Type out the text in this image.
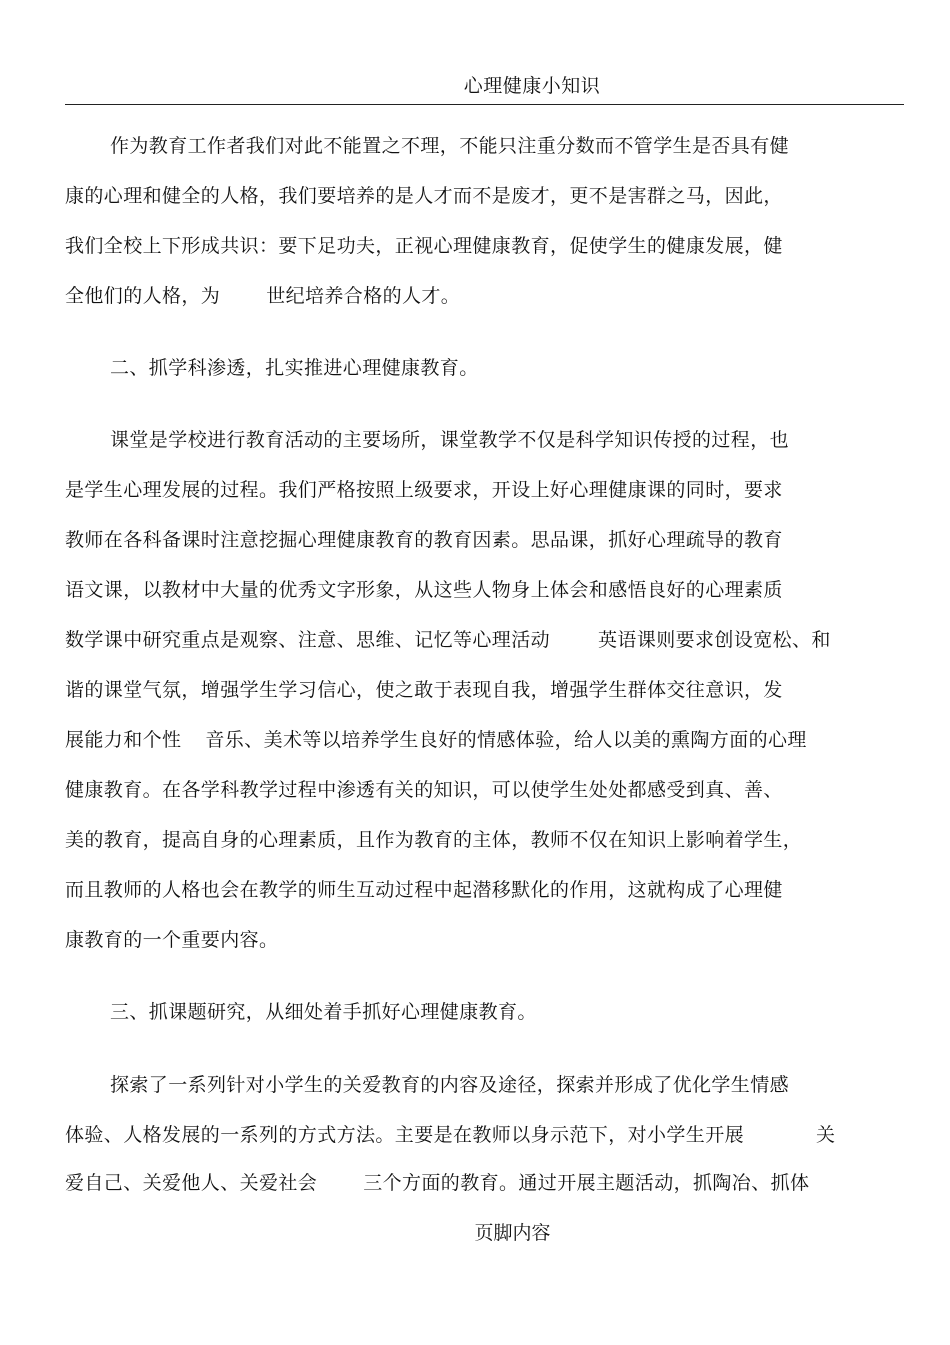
心理健康小知识
作为教育工作者我们对此不能置之不理，不能只注重分数而不管学生是否具有健
康的心理和健全的人格，我们要培养的是人才而不是废才，更不是害群之马，因此，
我们全校上下形成共识：要下足功夫，正视心理健康教育，促使学生的健康发展，健
全他们的人格，为 世纪培养合格的人才。
二、抓学科渗透，扎实推进心理健康教育。
课堂是学校进行教育活动的主要场所，课堂教学不仅是科学知识传授的过程，也
是学生心理发展的过程。我们严格按照上级要求，开设上好心理健康课的同时，要求
教师在各科备课时注意挖掘心理健康教育的教育因素。思品课，抓好心理疏导的教育
语文课，以教材中大量的优秀文字形象，从这些人物身上体会和感悟良好的心理素质
数学课中研究重点是观察、注意、思维、记忆等心理活动	英语课则要求创设宽松、和
谐的课堂气氛，增强学生学习信心，使之敢于表现自我，增强学生群体交往意识，发
展能力和个性 音乐、美术等以培养学生良好的情感体验，给人以美的熏陶方面的心理
健康教育。在各学科教学过程中渗透有关的知识，可以使学生处处都感受到真、善、
美的教育，提高自身的心理素质，且作为教育的主体，教师不仅在知识上影响着学生，
而且教师的人格也会在教学的师生互动过程中起潜移默化的作用，这就构成了心理健
康教育的一个重要内容。
三、抓课题研究，从细处着手抓好心理健康教育。
探索了一系列针对小学生的关爱教育的内容及途径，探索并形成了优化学生情感
体验、人格发展的一系列的方式方法。主要是在教师以身示范下，对小学生开展	关
爱自己、关爱他人、关爱社会 三个方面的教育。通过开展主题活动，抓陶冶、抓体
页脚内容
